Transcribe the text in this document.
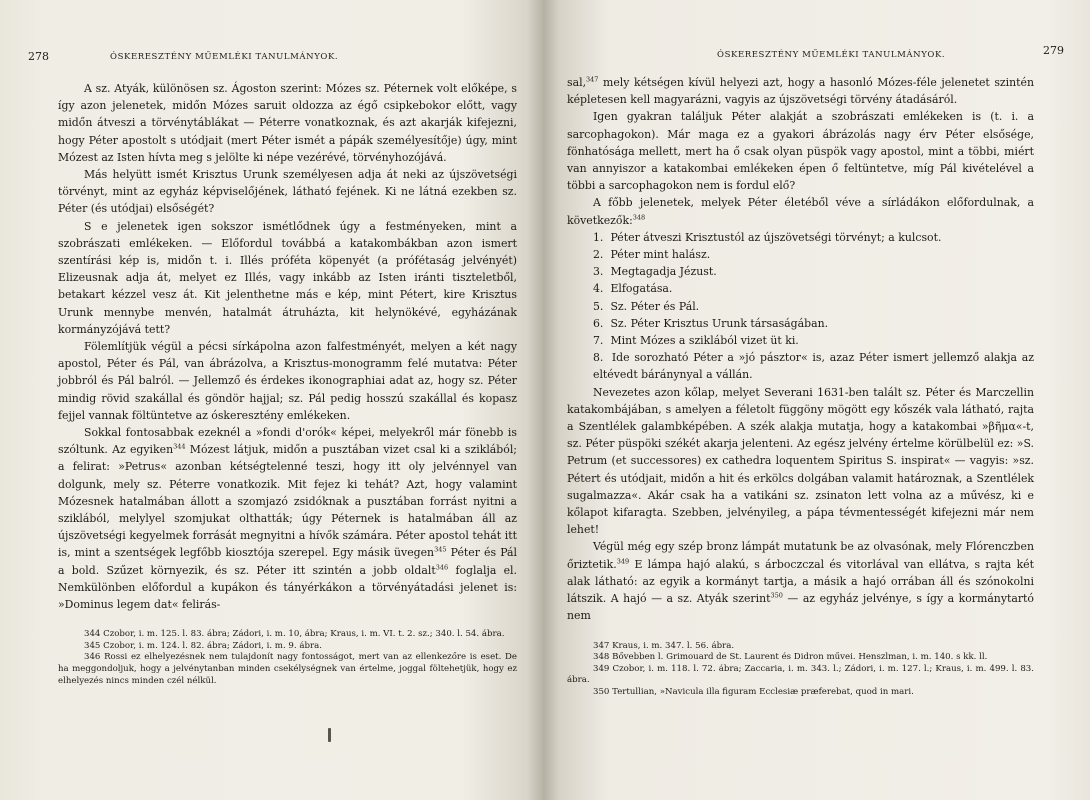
278	ÓSKERESZTÉNY MŰEMLÉKI TANULMÁNYOK.

A sz. Atyák, különösen sz. Ágoston szerint: Mózes sz. Péternek volt előképe, s így azon jelenetek, midőn Mózes saruit oldozza az égő csipkebokor előtt, vagy midőn átveszi a törvénytáblákat — Péterre vonatkoznak, és azt akarják kifejezni, hogy Péter apostolt s utódjait (mert Péter ismét a pápák személyesítője) úgy, mint Mózest az Isten hívta meg s jelölte ki népe vezérévé, törvényhozójává.

Más helyütt ismét Krisztus Urunk személyesen adja át neki az újszövetségi törvényt, mint az egyház képviselőjének, látható fejének. Ki ne látná ezekben sz. Péter (és utódjai) elsőségét?

S e jelenetek igen sokszor ismétlődnek úgy a festményeken, mint a szobrászati emlékeken. — Előfordul továbbá a katakombákban azon ismert szentírási kép is, midőn t. i. Illés próféta köpenyét (a prófétaság jelvényét) Elizeusnak adja át, melyet ez Illés, vagy inkább az Isten iránti tiszteletből, betakart kézzel vesz át. Kit jelenthetne más e kép, mint Pétert, kire Krisztus Urunk mennybe menvén, hatalmát átruházta, kit helynökévé, egyházának kormányzójává tett?

Fölemlítjük végül a pécsi sírkápolna azon falfestményét, melyen a két nagy apostol, Péter és Pál, van ábrázolva, a Krisztus-monogramm felé mutatva: Péter jobbról és Pál balról. — Jellemző és érdekes ikonographiai adat az, hogy sz. Péter mindig rövid szakállal és göndör hajjal; sz. Pál pedig hosszú szakállal és kopasz fejjel vannak föltüntetve az óskeresztény emlékeken.

Sokkal fontosabbak ezeknél a »fondi d'orók« képei, melyekről már fönebb is szóltunk. Az egyiken$^{344}$ Mózest látjuk, midőn a pusztában vizet csal ki a sziklából; a felirat: »Petrus« azonban kétségtelenné teszi, hogy itt oly jelvénnyel van dolgunk, mely sz. Péterre vonatkozik. Mit fejez ki tehát? Azt, hogy valamint Mózesnek hatalmában állott a szomjazó zsidóknak a pusztában forrást nyitni a sziklából, melylyel szomjukat olthatták; úgy Péternek is hatalmában áll az újszövetségi kegyelmek forrását megnyitni a hívők számára. Péter apostol tehát itt is, mint a szentségek legfőbb kiosztója szerepel. Egy másik üvegen$^{345}$ Péter és Pál a bold. Szűzet környezik, és sz. Péter itt szintén a jobb oldalt$^{346}$ foglalja el. Nemkülönben előfordul a kupákon és tányérkákon a törvényátadási jelenet is: »Dominus legem dat« felirás-

344 Czobor, i. m. 125. l. 83. ábra; Zádori, i. m. 10, ábra; Kraus, i. m. VI. t. 2. sz.; 340. l. 54. ábra.

345 Czobor, i. m. 124. l. 82. ábra; Zádori, i. m. 9. ábra.

346 Rossi ez elhelyezésnek nem tulajdonít nagy fontosságot, mert van az ellenkezőre is eset. De ha meggondoljuk, hogy a jelvénytanban minden csekélységnek van értelme, joggal föltehetjük, hogy ez elhelyezés nincs minden czél nélkül.

ÓSKERESZTÉNY MŰEMLÉKI TANULMÁNYOK.	279

sal,$^{347}$ mely kétségen kívül helyezi azt, hogy a hasonló Mózes-féle jelenetet szintén képletesen kell magyarázni, vagyis az újszövetségi törvény átadásáról.

Igen gyakran találjuk Péter alakját a szobrászati emlékeken is (t. i. a sarcophagokon). Már maga ez a gyakori ábrázolás nagy érv Péter elsősége, fönhatósága mellett, mert ha ő csak olyan püspök vagy apostol, mint a többi, miért van annyiszor a katakombai emlékeken épen ő feltüntetve, míg Pál kivételével a többi a sarcophagokon nem is fordul elő?

A főbb jelenetek, melyek Péter életéből véve a sírládákon előfordulnak, a következők:$^{348}$

1. Péter átveszi Krisztustól az újszövetségi törvényt; a kulcsot.
2. Péter mint halász.
3. Megtagadja Jézust.
4. Elfogatása.
5. Sz. Péter és Pál.
6. Sz. Péter Krisztus Urunk társaságában.
7. Mint Mózes a sziklából vizet üt ki.
8. Ide sorozható Péter a »jó pásztor« is, azaz Péter ismert jellemző alakja az eltévedt báránynyal a vállán.

Nevezetes azon kőlap, melyet Severani 1631-ben talált sz. Péter és Marczellin katakombájában, s amelyen a féletolt függöny mögött egy kőszék vala látható, rajta a Szentlélek galambképében. A szék alakja mutatja, hogy a katakombai »βῆμα«-t, sz. Péter püspöki székét akarja jelenteni. Az egész jelvény értelme körülbelül ez: »S. Petrum (et successores) ex cathedra loquentem Spiritus S. inspirat« — vagyis: »sz. Pétert és utódjait, midőn a hit és erkölcs dolgában valamit határoznak, a Szentlélek sugalmazza«. Akár csak ha a vatikáni sz. zsinaton lett volna az a művész, ki e kőlapot kifaragta. Szebben, jelvényileg, a pápa tévmentességét kifejezni már nem lehet!

Végül még egy szép bronz lámpát mutatunk be az olvasónak, mely Flórenczben őriztetik.$^{349}$ E lámpa hajó alakú, s árboczczal és vitorlával van ellátva, s rajta két alak látható: az egyik a kormányt tartja, a másik a hajó orrában áll és szónokolni látszik. A hajó — a sz. Atyák szerint$^{350}$ — az egyház jelvénye, s így a kormánytartó nem

347 Kraus, i. m. 347. l. 56. ábra.

348 Bővebben l. Grimouard de St. Laurent és Didron művei. Henszlman, i. m. 140. s kk. ll.

349 Czobor, i. m. 118. l. 72. ábra; Zaccaria, i. m. 343. l.; Zádori, i. m. 127. l.; Kraus, i. m. 499. l. 83. ábra.

350 Tertullian, »Navicula illa figuram Ecclesiæ præferebat, quod in mari.
